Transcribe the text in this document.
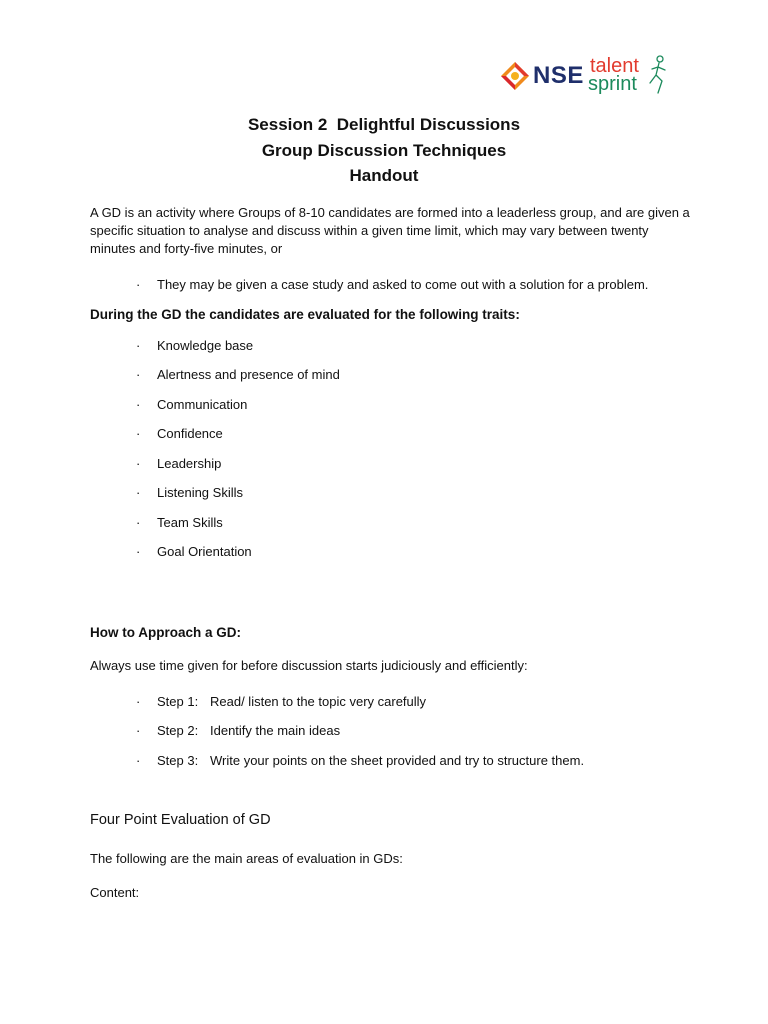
NSE talent
sprint
Session 2  Delightful Discussions
Group Discussion Techniques
Handout
A GD is an activity where Groups of 8-10 candidates are formed into a leaderless group, and are given a specific situation to analyse and discuss within a given time limit, which may vary between twenty minutes and forty-five minutes, or
· They may be given a case study and asked to come out with a solution for a problem.
During the GD the candidates are evaluated for the following traits:
· Knowledge base
· Alertness and presence of mind
· Communication
· Confidence
· Leadership
· Listening Skills
· Team Skills
· Goal Orientation
How to Approach a GD:
Always use time given for before discussion starts judiciously and efficiently:
· Step 1: Read/ listen to the topic very carefully
· Step 2: Identify the main ideas
· Step 3: Write your points on the sheet provided and try to structure them.
Four Point Evaluation of GD
The following are the main areas of evaluation in GDs:
Content:
